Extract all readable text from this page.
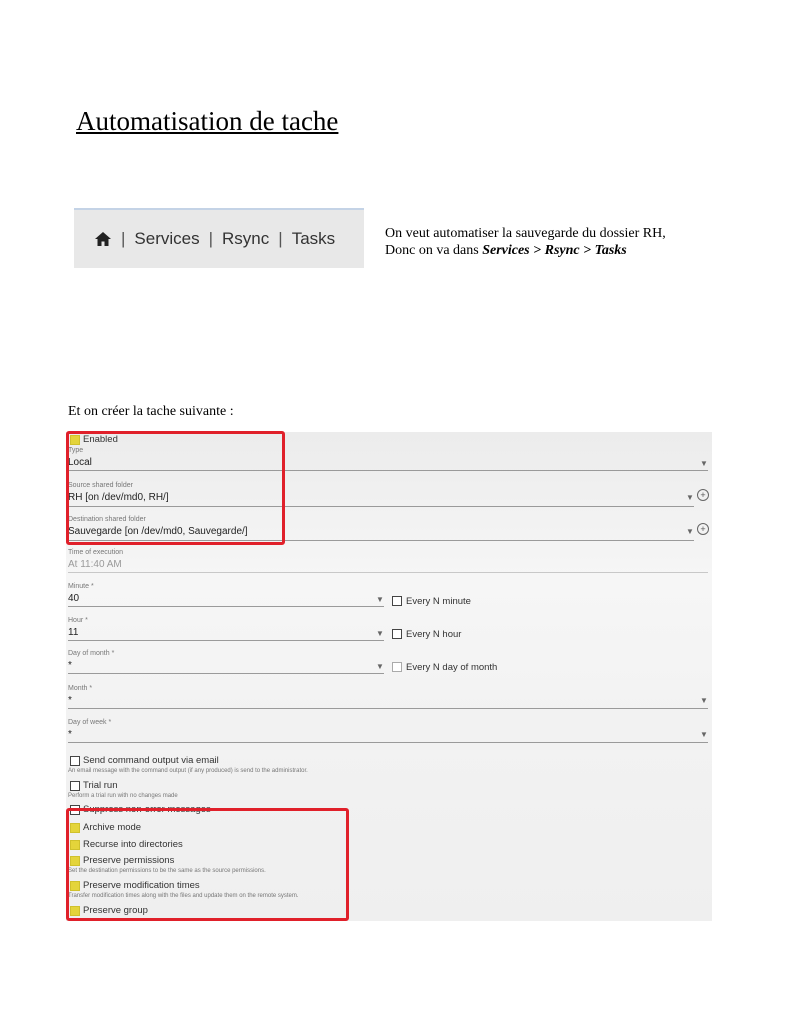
Automatisation de tache
| Services | Rsync | Tasks	On veut automatiser la sauvegarde du dossier RH,
Donc on va dans Services > Rsync > Tasks
Et on créer la tache suivante :
Enabled
Type
Local	▼
Source shared folder
RH [on /dev/md0, RH/]	▼ +
Destination shared folder
Sauvegarde [on /dev/md0, Sauvegarde/]	▼ +
Time of execution
At 11:40 AM
Minute *
40	▼ Every N minute
Hour *
11	▼ Every N hour
Day of month *
*	▼ Every N day of month
Month *
*	▼
Day of week *
*	▼
Send command output via email
An email message with the command output (if any produced) is send to the administrator.
Trial run
Perform a trial run with no changes made
Suppress non-error messages
Archive mode
Recurse into directories
Preserve permissions
Set the destination permissions to be the same as the source permissions.
Preserve modification times
Transfer modification times along with the files and update them on the remote system.
Preserve group
